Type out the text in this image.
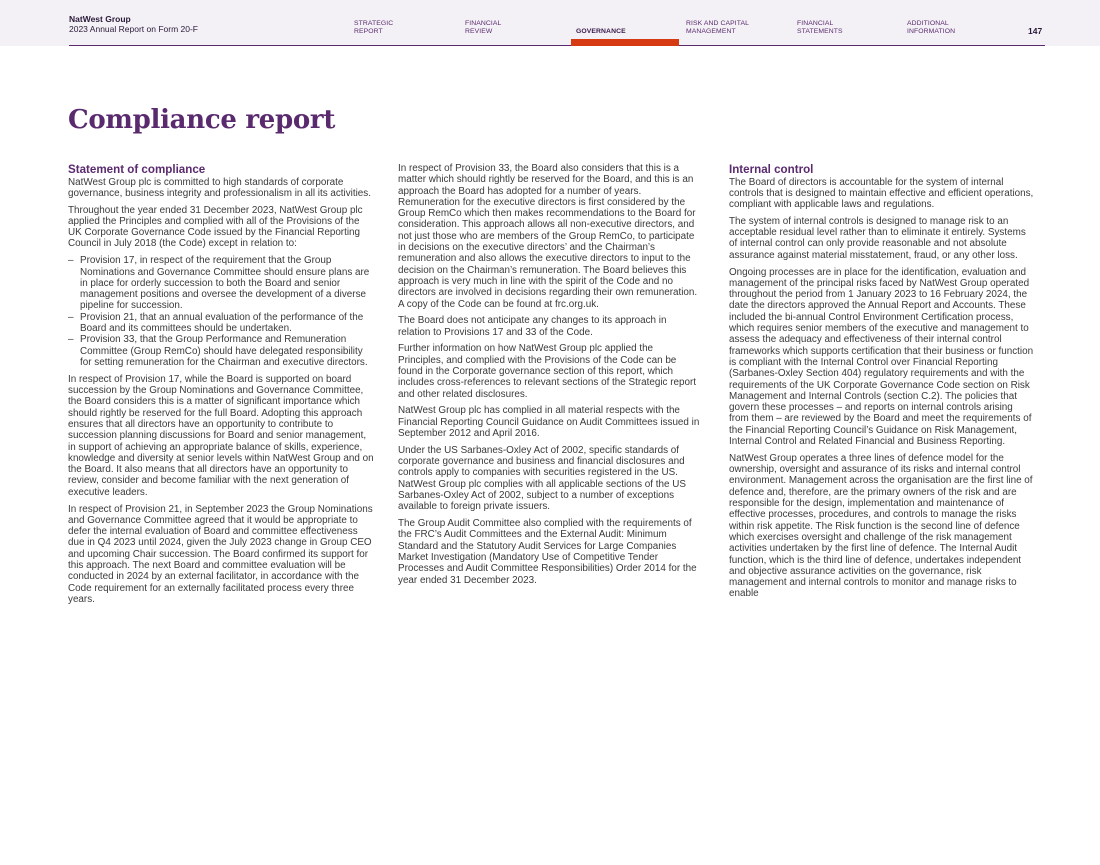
NatWest Group
2023 Annual Report on Form 20-F
STRATEGIC
REPORT
FINANCIAL
REVIEW	GOVERNANCE
RISK AND CAPITAL
MANAGEMENT
FINANCIAL
STATEMENTS
ADDITIONAL
INFORMATION	147
Compliance report
Statement of compliance

NatWest Group plc is committed to high standards of corporate governance, business integrity and professionalism in all its activities.

Throughout the year ended 31 December 2023, NatWest Group plc applied the Principles and complied with all of the Provisions of the UK Corporate Governance Code issued by the Financial Reporting Council in July 2018 (the Code) except in relation to:

– Provision 17, in respect of the requirement that the Group Nominations and Governance Committee should ensure plans are in place for orderly succession to both the Board and senior management positions and oversee the development of a diverse pipeline for succession.
– Provision 21, that an annual evaluation of the performance of the Board and its committees should be undertaken.
– Provision 33, that the Group Performance and Remuneration Committee (Group RemCo) should have delegated responsibility for setting remuneration for the Chairman and executive directors.

In respect of Provision 17, while the Board is supported on board succession by the Group Nominations and Governance Committee, the Board considers this is a matter of significant importance which should rightly be reserved for the full Board. Adopting this approach ensures that all directors have an opportunity to contribute to succession planning discussions for Board and senior management, in support of achieving an appropriate balance of skills, experience, knowledge and diversity at senior levels within NatWest Group and on the Board. It also means that all directors have an opportunity to review, consider and become familiar with the next generation of executive leaders.

In respect of Provision 21, in September 2023 the Group Nominations and Governance Committee agreed that it would be appropriate to defer the internal evaluation of Board and committee effectiveness due in Q4 2023 until 2024, given the July 2023 change in Group CEO and upcoming Chair succession. The Board confirmed its support for this approach. The next Board and committee evaluation will be conducted in 2024 by an external facilitator, in accordance with the Code requirement for an externally facilitated process every three years.

In respect of Provision 33, the Board also considers that this is a matter which should rightly be reserved for the Board, and this is an approach the Board has adopted for a number of years. Remuneration for the executive directors is first considered by the Group RemCo which then makes recommendations to the Board for consideration. This approach allows all non-executive directors, and not just those who are members of the Group RemCo, to participate in decisions on the executive directors’ and the Chairman’s remuneration and also allows the executive directors to input to the decision on the Chairman’s remuneration. The Board believes this approach is very much in line with the spirit of the Code and no directors are involved in decisions regarding their own remuneration. A copy of the Code can be found at frc.org.uk.

The Board does not anticipate any changes to its approach in relation to Provisions 17 and 33 of the Code.

Further information on how NatWest Group plc applied the Principles, and complied with the Provisions of the Code can be found in the Corporate governance section of this report, which includes cross-references to relevant sections of the Strategic report and other related disclosures.

NatWest Group plc has complied in all material respects with the Financial Reporting Council Guidance on Audit Committees issued in September 2012 and April 2016.

Under the US Sarbanes-Oxley Act of 2002, specific standards of corporate governance and business and financial disclosures and controls apply to companies with securities registered in the US. NatWest Group plc complies with all applicable sections of the US Sarbanes-Oxley Act of 2002, subject to a number of exceptions available to foreign private issuers.

The Group Audit Committee also complied with the requirements of the FRC’s Audit Committees and the External Audit: Minimum Standard and the Statutory Audit Services for Large Companies Market Investigation (Mandatory Use of Competitive Tender Processes and Audit Committee Responsibilities) Order 2014 for the year ended 31 December 2023.

Internal control

The Board of directors is accountable for the system of internal controls that is designed to maintain effective and efficient operations, compliant with applicable laws and regulations.

The system of internal controls is designed to manage risk to an acceptable residual level rather than to eliminate it entirely. Systems of internal control can only provide reasonable and not absolute assurance against material misstatement, fraud, or any other loss.

Ongoing processes are in place for the identification, evaluation and management of the principal risks faced by NatWest Group operated throughout the period from 1 January 2023 to 16 February 2024, the date the directors approved the Annual Report and Accounts. These included the bi-annual Control Environment Certification process, which requires senior members of the executive and management to assess the adequacy and effectiveness of their internal control frameworks which supports certification that their business or function is compliant with the Internal Control over Financial Reporting (Sarbanes-Oxley Section 404) regulatory requirements and with the requirements of the UK Corporate Governance Code section on Risk Management and Internal Controls (section C.2). The policies that govern these processes – and reports on internal controls arising from them – are reviewed by the Board and meet the requirements of the Financial Reporting Council’s Guidance on Risk Management, Internal Control and Related Financial and Business Reporting.

NatWest Group operates a three lines of defence model for the ownership, oversight and assurance of its risks and internal control environment. Management across the organisation are the first line of defence and, therefore, are the primary owners of the risk and are responsible for the design, implementation and maintenance of effective processes, procedures, and controls to manage the risks within risk appetite. The Risk function is the second line of defence which exercises oversight and challenge of the risk management activities undertaken by the first line of defence. The Internal Audit function, which is the third line of defence, undertakes independent and objective assurance activities on the governance, risk management and internal controls to monitor and manage risks to enable
